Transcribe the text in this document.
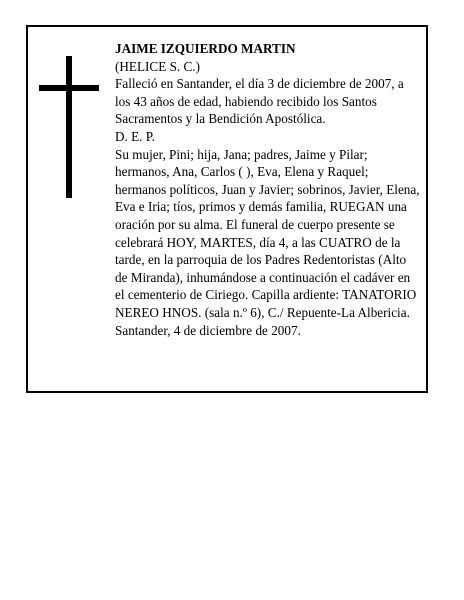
JAIME IZQUIERDO MARTIN

(HELICE S. C.)

Falleció en Santander, el día 3 de diciembre de 2007, a los 43 años de edad, habiendo recibido los Santos Sacramentos y la Bendición Apostólica.

D. E. P.

Su mujer, Pini; hija, Jana; padres, Jaime y Pilar; hermanos, Ana, Carlos ( ), Eva, Elena y Raquel; hermanos políticos, Juan y Javier; sobrinos, Javier, Elena, Eva e Iria; tíos, primos y demás familia, RUEGAN una oración por su alma. El funeral de cuerpo presente se celebrará HOY, MARTES, día 4, a las CUATRO de la tarde, en la parroquia de los Padres Redentoristas (Alto de Miranda), inhumándose a continuación el cadáver en el cementerio de Ciriego. Capilla ardiente: TANATORIO NEREO HNOS. (sala n.º 6), C./ Repuente-La Albericia.

Santander, 4 de diciembre de 2007.
